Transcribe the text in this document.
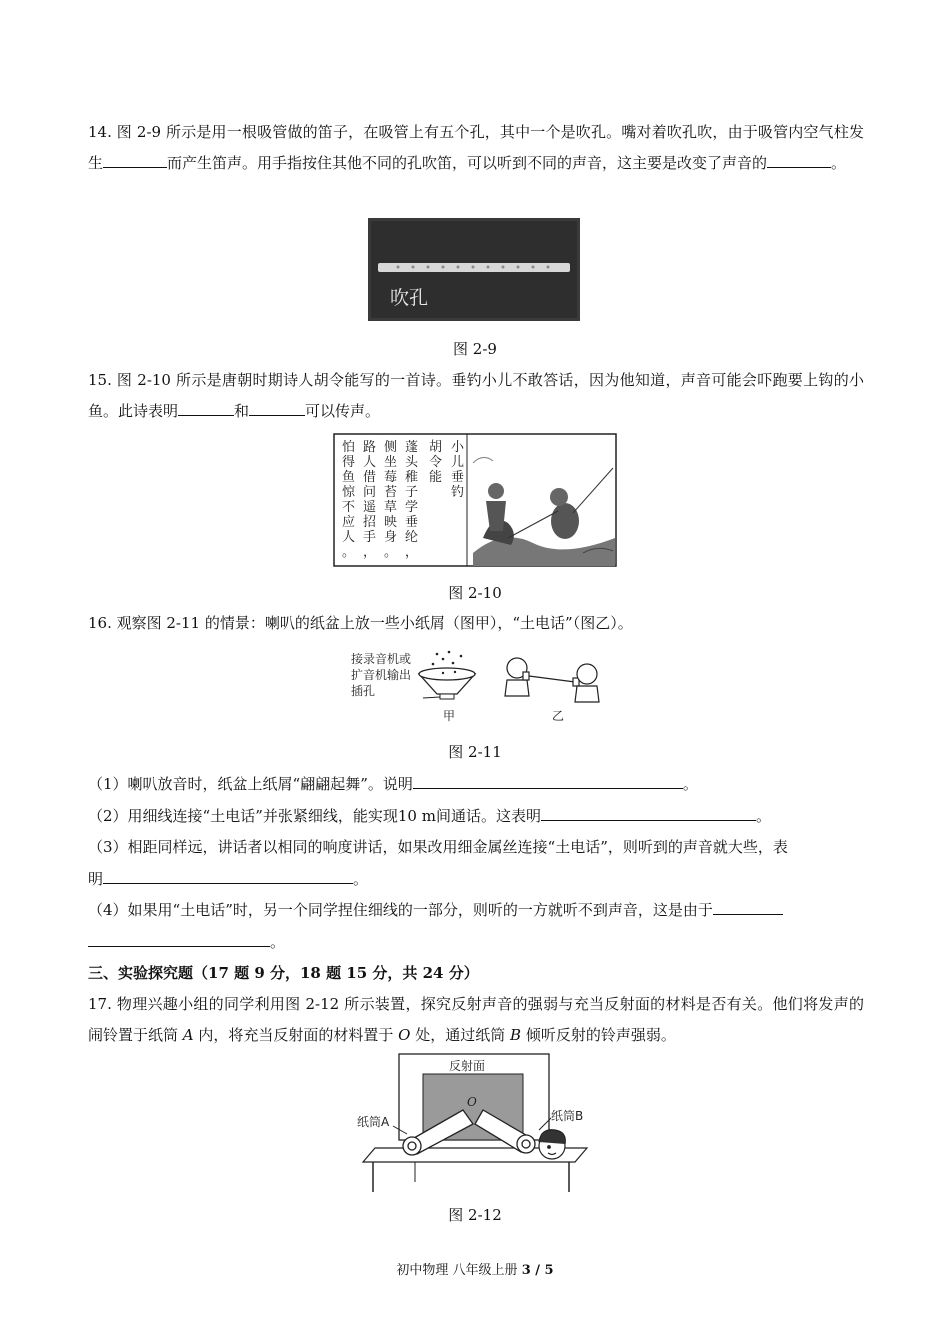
14. 图 2-9 所示是用一根吸管做的笛子，在吸管上有五个孔，其中一个是吹孔。嘴对着吹孔吹，由于吸管内空气柱发生	而产生笛声。用手指按住其他不同的孔吹笛，可以听到不同的声音，这主要是改变了声音的	。

吹孔
图 2-9

15. 图 2-10 所示是唐朝时期诗人胡令能写的一首诗。垂钓小儿不敢答话，因为他知道，声音可能会吓跑要上钩的小鱼。此诗表明	和	可以传声。

小儿垂钓
胡令能
蓬头稚子学垂纶，
侧坐莓苔草映身。
路人借问遥招手，
怕得鱼惊不应人。
图 2-10

16. 观察图 2-11 的情景：喇叭的纸盆上放一些小纸屑（图甲），“土电话”（图乙）。

接录音机或
扩音机输出
插孔
甲	乙
图 2-11

（1）喇叭放音时，纸盆上纸屑“翩翩起舞”。说明	。

（2）用细线连接“土电话”并张紧细线，能实现10 m间通话。这表明	。

（3）相距同样远，讲话者以相同的响度讲话，如果改用细金属丝连接“土电话”，则听到的声音就大些，表

明	。

（4）如果用“土电话”时，另一个同学捏住细线的一部分，则听的一方就听不到声音，这是由于

。

三、实验探究题（17 题 9 分，18 题 15 分，共 24 分）

17. 物理兴趣小组的同学利用图 2-12 所示装置，探究反射声音的强弱与充当反射面的材料是否有关。他们将发声的闹铃置于纸筒 A 内，将充当反射面的材料置于 O 处，通过纸筒 B 倾听反射的铃声强弱。

反射面
O
纸筒A	纸筒B
图 2-12
初中物理 八年级上册 3 / 5
